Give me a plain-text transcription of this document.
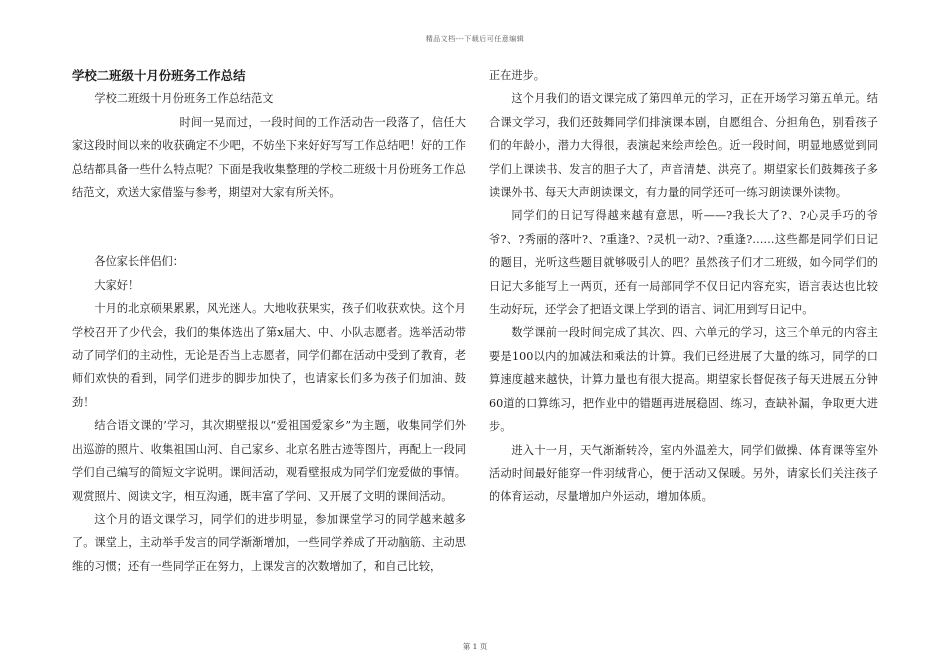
精品文档---下载后可任意编辑
学校二班级十月份班务工作总结

学校二班级十月份班务工作总结范文

时间一晃而过，一段时间的工作活动告一段落了，信任大家这段时间以来的收获确定不少吧，不妨坐下来好好写写工作总结吧！好的工作总结都具备一些什么特点呢？下面是我收集整理的学校二班级十月份班务工作总结范文，欢送大家借鉴与参考，期望对大家有所关怀。

各位家长伴侣们：

大家好！

十月的北京硕果累累，风光迷人。大地收获果实，孩子们收获欢快。这个月学校召开了少代会，我们的集体选出了第x届大、中、小队志愿者。选举活动带动了同学们的主动性，无论是否当上志愿者，同学们都在活动中受到了教育，老师们欢快的看到，同学们进步的脚步加快了，也请家长们多为孩子们加油、鼓劲！

结合语文课的’学习，其次期壁报以“爱祖国爱家乡”为主题，收集同学们外出巡游的照片、收集祖国山河、自己家乡、北京名胜古迹等图片，再配上一段同学们自己编写的简短文字说明。课间活动，观看壁报成为同学们宠爱做的事情。观赏照片、阅读文字，相互沟通，既丰富了学问、又开展了文明的课间活动。

这个月的语文课学习，同学们的进步明显，参加课堂学习的同学越来越多了。课堂上，主动举手发言的同学渐渐增加，一些同学养成了开动脑筋、主动思维的习惯；还有一些同学正在努力，上课发言的次数增加了，和自己比较，

正在进步。

这个月我们的语文课完成了第四单元的学习，正在开场学习第五单元。结合课文学习，我们还鼓舞同学们排演课本剧，自愿组合、分担角色，别看孩子们的年龄小，潜力大得很，表演起来绘声绘色。近一段时间，明显地感觉到同学们上课读书、发言的胆子大了，声音清楚、洪亮了。期望家长们鼓舞孩子多读课外书、每天大声朗读课文，有力量的同学还可一练习朗读课外读物。

同学们的日记写得越来越有意思，听——?我长大了?、?心灵手巧的爷爷?、?秀丽的落叶?、?重逢?、?灵机一动?、?重逢?……这些都是同学们日记的题目，光听这些题目就够吸引人的吧？虽然孩子们才二班级，如今同学们的日记大多能写上一两页，还有一局部同学不仅日记内容充实，语言表达也比较生动好玩，还学会了把语文课上学到的语言、词汇用到写日记中。

数学课前一段时间完成了其次、四、六单元的学习，这三个单元的内容主要是100以内的加减法和乘法的计算。我们已经进展了大量的练习，同学的口算速度越来越快，计算力量也有很大提高。期望家长督促孩子每天进展五分钟60道的口算练习，把作业中的错题再进展稳固、练习，查缺补漏，争取更大进步。

进入十一月，天气渐渐转冷，室内外温差大，同学们做操、体育课等室外活动时间最好能穿一件羽绒背心，便于活动又保暖。另外，请家长们关注孩子的体育运动，尽量增加户外运动，增加体质。

第 1 页
